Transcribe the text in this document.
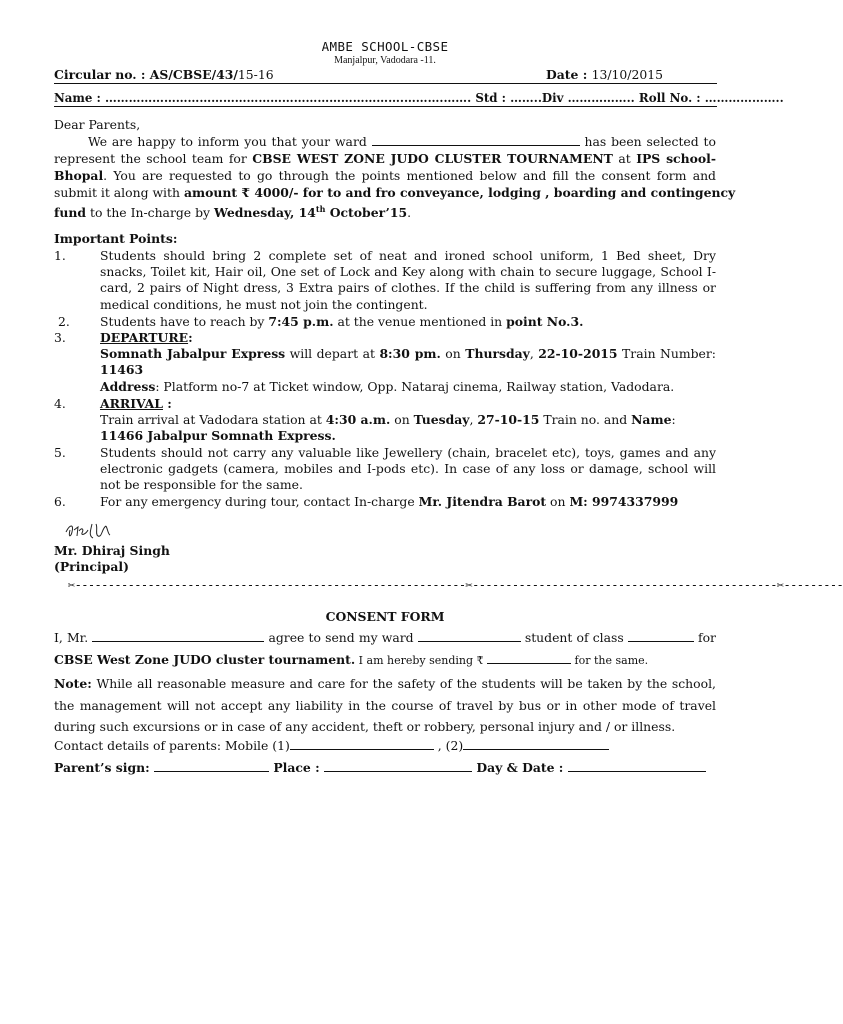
AMBE SCHOOL-CBSE
Manjalpur, Vadodara -11.
Circular no. : AS/CBSE/43/15-16	Date : 13/10/2015
Name : ………………………………………………………………….……….……. Std : ……..Div …………….. Roll No. : ………………..
Dear Parents,
We are happy to inform you that your ward	has been selected to
represent the school team for CBSE WEST ZONE JUDO CLUSTER TOURNAMENT at IPS school-
Bhopal. You are requested to go through the points mentioned below and fill the consent form and
submit it along with amount ₹ 4000/- for to and fro conveyance, lodging , boarding and contingency
fund to the In-charge by Wednesday, 14th October’15.
Important Points:
1.	Students should bring 2 complete set of neat and ironed school uniform, 1 Bed sheet, Dry
snacks, Toilet kit, Hair oil, One set of Lock and Key along with chain to secure luggage, School I-
card, 2 pairs of Night dress, 3 Extra pairs of clothes. If the child is suffering from any illness or
medical conditions, he must not join the contingent.
2. Students have to reach by 7:45 p.m. at the venue mentioned in point No.3.
3.	DEPARTURE:
Somnath Jabalpur Express will depart at 8:30 pm. on Thursday, 22-10-2015 Train Number:
11463
Address: Platform no-7 at Ticket window, Opp. Nataraj cinema, Railway station, Vadodara.
4.	ARRIVAL :
Train arrival at Vadodara station at 4:30 a.m. on Tuesday, 27-10-15 Train no. and Name:
11466 Jabalpur Somnath Express.
5.	Students should not carry any valuable like Jewellery (chain, bracelet etc), toys, games and any
electronic gadgets (camera, mobiles and I-pods etc). In case of any loss or damage, school will
not be responsible for the same.
6.	For any emergency during tour, contact In-charge Mr. Jitendra Barot on M: 9974337999
Mr. Dhiraj Singh
(Principal)
✂-----------------------------------------------------------✂----------------------------------------------✂---------
CONSENT FORM
I, Mr.	agree to send my ward	student of class	for
CBSE West Zone JUDO cluster tournament. I am hereby sending ₹	for the same.
Note: While all reasonable measure and care for the safety of the students will be taken by the school,
the management will not accept any liability in the course of travel by bus or in other mode of travel
during such excursions or in case of any accident, theft or robbery, personal injury and / or illness.
Contact details of parents: Mobile (1)	, (2)
Parent’s sign:	Place :	Day & Date :
